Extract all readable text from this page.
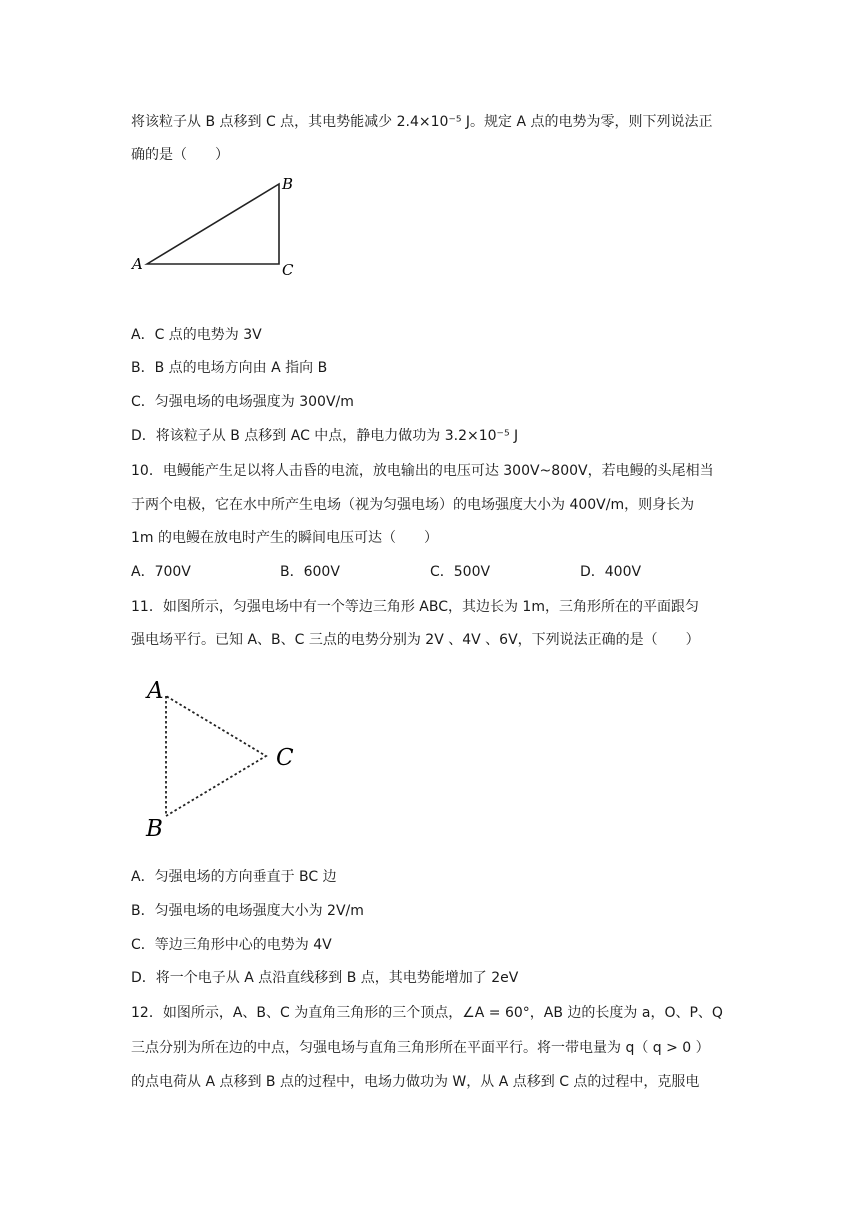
将该粒子从 B 点移到 C 点，其电势能减少 2.4×10⁻⁵ J。规定 A 点的电势为零，则下列说法正
确的是（　　）
A
B
C
A．C 点的电势为 3V
B．B 点的电场方向由 A 指向 B
C．匀强电场的电场强度为 300V/m
D．将该粒子从 B 点移到 AC 中点，静电力做功为 3.2×10⁻⁵ J
10．电鳗能产生足以将人击昏的电流，放电输出的电压可达 300V~800V，若电鳗的头尾相当
于两个电极，它在水中所产生电场（视为匀强电场）的电场强度大小为 400V/m，则身长为
1m 的电鳗在放电时产生的瞬间电压可达（　　）
A．700V	B．600V	C．500V	D．400V
11．如图所示，匀强电场中有一个等边三角形 ABC，其边长为 1m，三角形所在的平面跟匀
强电场平行。已知 A、B、C 三点的电势分别为 2V 、4V 、6V，下列说法正确的是（　　）
A
B
C
A．匀强电场的方向垂直于 BC 边
B．匀强电场的电场强度大小为 2V/m
C．等边三角形中心的电势为 4V
D．将一个电子从 A 点沿直线移到 B 点，其电势能增加了 2eV
12．如图所示，A、B、C 为直角三角形的三个顶点，∠A = 60°，AB 边的长度为 a，O、P、Q
三点分别为所在边的中点，匀强电场与直角三角形所在平面平行。将一带电量为 q（ q > 0 ）
的点电荷从 A 点移到 B 点的过程中，电场力做功为 W，从 A 点移到 C 点的过程中，克服电
